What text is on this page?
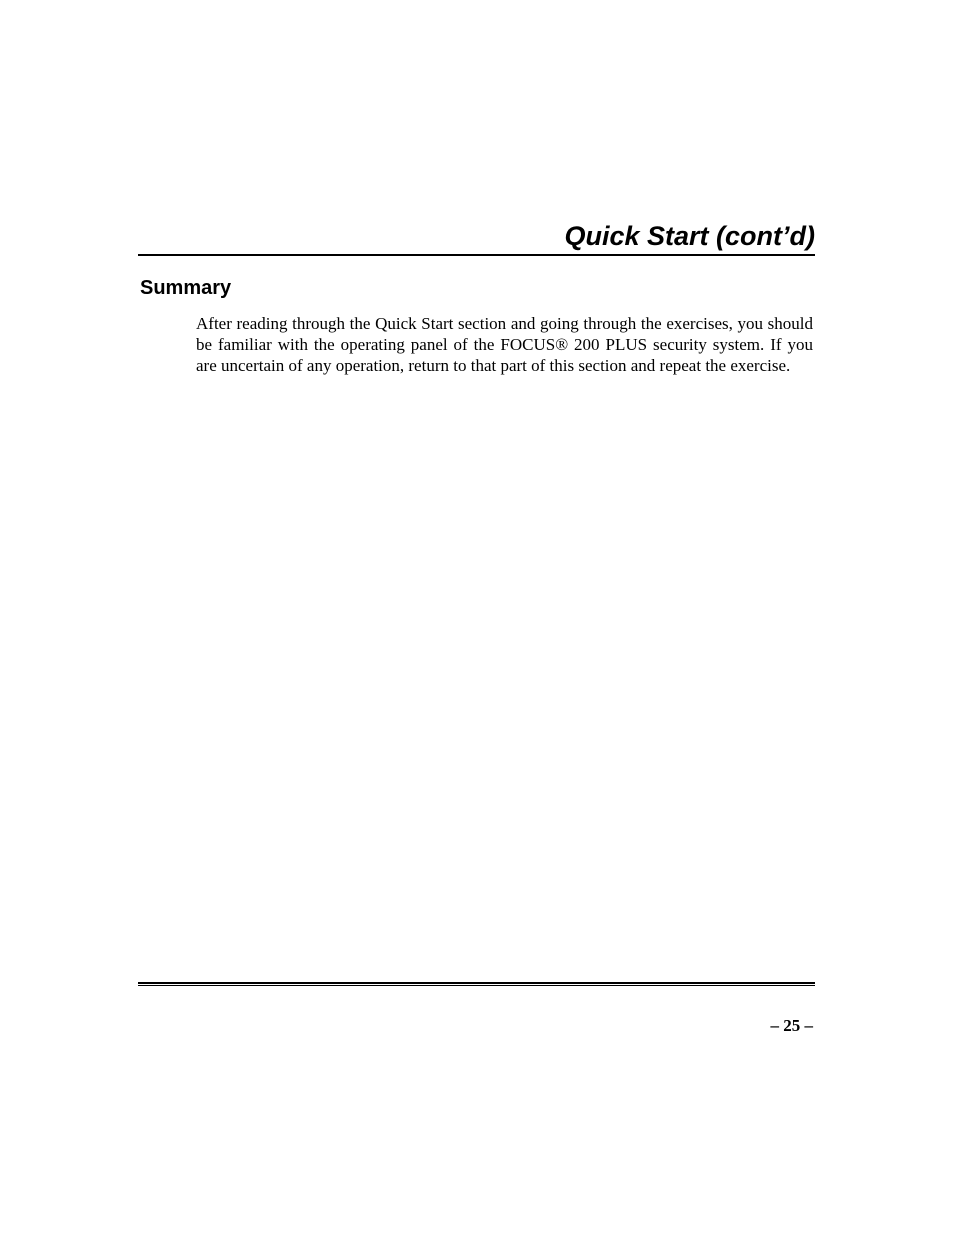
Quick Start (cont’d)
Summary

After reading through the Quick Start section and going through the exercises, you should be familiar with the operating panel of the FOCUS® 200 PLUS security system. If you are uncertain of any operation, return to that part of this section and repeat the exercise.

– 25 –
